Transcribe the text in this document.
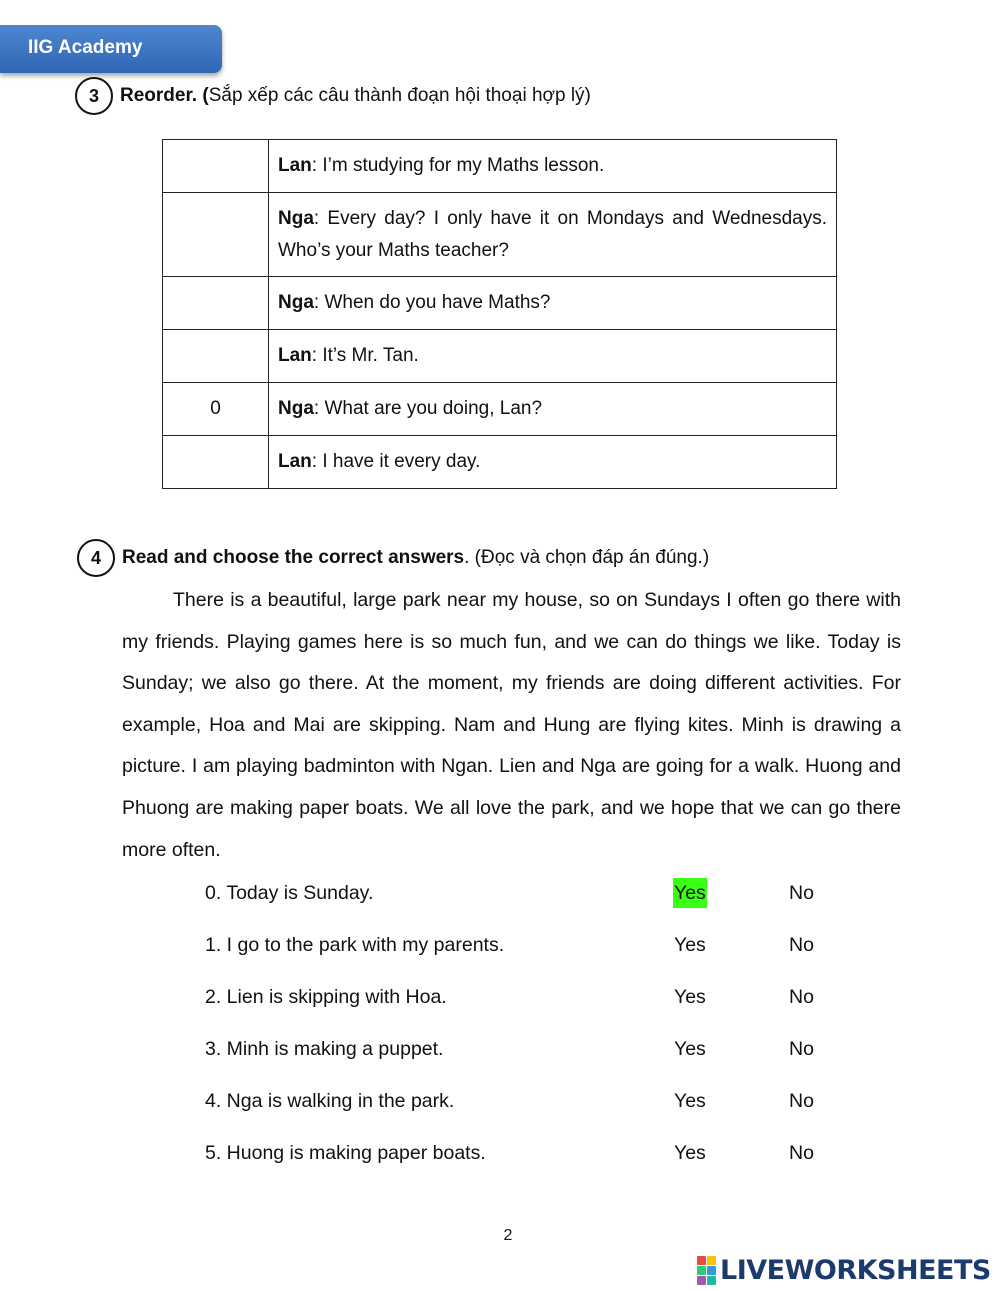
IIG Academy
3	Reorder. ( Sắp xếp các câu thành đoạn hội thoại hợp lý)
	Lan: I’m studying for my Maths lesson.
	Nga: Every day? I only have it on Mondays and Wednesdays. Who’s your Maths teacher?
	Nga: When do you have Maths?
	Lan: It’s Mr. Tan.
0	Nga: What are you doing, Lan?
	Lan: I have it every day.
4	Read and choose the correct answers . (Đọc và chọn đáp án đúng.)
There is a beautiful, large park near my house, so on Sundays I often go there with my friends. Playing games here is so much fun, and we can do things we like. Today is Sunday; we also go there. At the moment, my friends are doing different activities. For example, Hoa and Mai are skipping. Nam and Hung are flying kites. Minh is drawing a picture. I am playing badminton with Ngan. Lien and Nga are going for a walk. Huong and Phuong are making paper boats. We all love the park, and we hope that we can go there more often.
0. Today is Sunday.	Yes	No
1. I go to the park with my parents.	Yes	No
2. Lien is skipping with Hoa.	Yes	No
3. Minh is making a puppet.	Yes	No
4. Nga is walking in the park.	Yes	No
5. Huong is making paper boats.	Yes	No
2
LIVEWORKSHEETS
